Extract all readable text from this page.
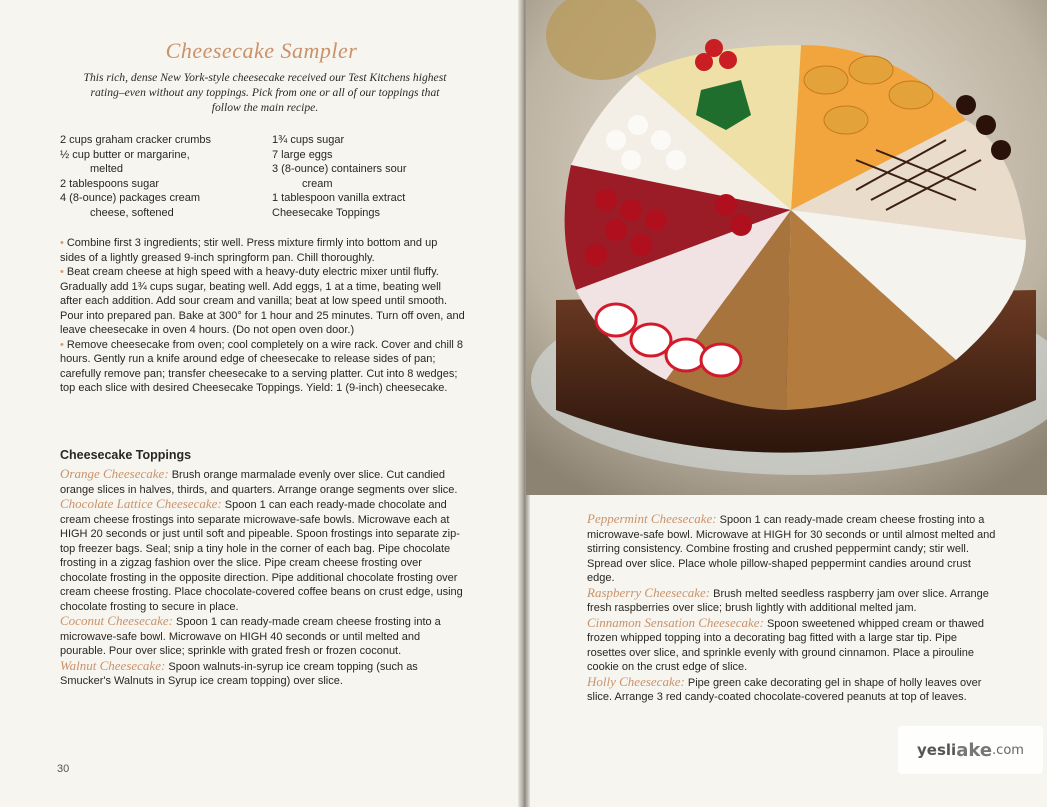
Cheesecake Sampler
This rich, dense New York-style cheesecake received our Test Kitchens highest rating–even without any toppings. Pick from one or all of our toppings that follow the main recipe.
2 cups graham cracker crumbs
½ cup butter or margarine,
melted
2 tablespoons sugar
4 (8-ounce) packages cream
cheese, softened
1¾ cups sugar
7 large eggs
3 (8-ounce) containers sour
cream
1 tablespoon vanilla extract
Cheesecake Toppings

• Combine first 3 ingredients; stir well. Press mixture firmly into bottom and up sides of a lightly greased 9-inch springform pan. Chill thoroughly.

• Beat cream cheese at high speed with a heavy-duty electric mixer until fluffy. Gradually add 1¾ cups sugar, beating well. Add eggs, 1 at a time, beating well after each addition. Add sour cream and vanilla; beat at low speed until smooth. Pour into prepared pan. Bake at 300° for 1 hour and 25 minutes. Turn off oven, and leave cheesecake in oven 4 hours. (Do not open oven door.)

• Remove cheesecake from oven; cool completely on a wire rack. Cover and chill 8 hours. Gently run a knife around edge of cheesecake to release sides of pan; carefully remove pan; transfer cheesecake to a serving platter. Cut into 8 wedges; top each slice with desired Cheesecake Toppings. Yield: 1 (9-inch) cheesecake.

Cheesecake Toppings

Orange Cheesecake: Brush orange marmalade evenly over slice. Cut candied orange slices in halves, thirds, and quarters. Arrange orange segments over slice.

Chocolate Lattice Cheesecake: Spoon 1 can each ready-made chocolate and cream cheese frostings into separate microwave-safe bowls. Microwave each at HIGH 20 seconds or just until soft and pipeable. Spoon frostings into separate zip-top freezer bags. Seal; snip a tiny hole in the corner of each bag. Pipe chocolate frosting in a zigzag fashion over the slice. Pipe cream cheese frosting over chocolate frosting in the opposite direction. Pipe additional chocolate frosting over cream cheese frosting. Place chocolate-covered coffee beans on crust edge, using chocolate frosting to secure in place.

Coconut Cheesecake: Spoon 1 can ready-made cream cheese frosting into a microwave-safe bowl. Microwave on HIGH 40 seconds or until melted and pourable. Pour over slice; sprinkle with grated fresh or frozen coconut.

Walnut Cheesecake: Spoon walnuts-in-syrup ice cream topping (such as Smucker's Walnuts in Syrup ice cream topping) over slice.

30

Peppermint Cheesecake: Spoon 1 can ready-made cream cheese frosting into a microwave-safe bowl. Microwave at HIGH for 30 seconds or until almost melted and stirring consistency. Combine frosting and crushed peppermint candy; stir well. Spread over slice. Place whole pillow-shaped peppermint candies around crust edge.

Raspberry Cheesecake: Brush melted seedless raspberry jam over slice. Arrange fresh raspberries over slice; brush lightly with additional melted jam.

Cinnamon Sensation Cheesecake: Spoon sweetened whipped cream or thawed frozen whipped topping into a decorating bag fitted with a large star tip. Pipe rosettes over slice, and sprinkle evenly with ground cinnamon. Place a pirouline cookie on the crust edge of slice.

Holly Cheesecake: Pipe green cake decorating gel in shape of holly leaves over slice. Arrange 3 red candy-coated chocolate-covered peanuts at top of leaves.

yesli ake .com
